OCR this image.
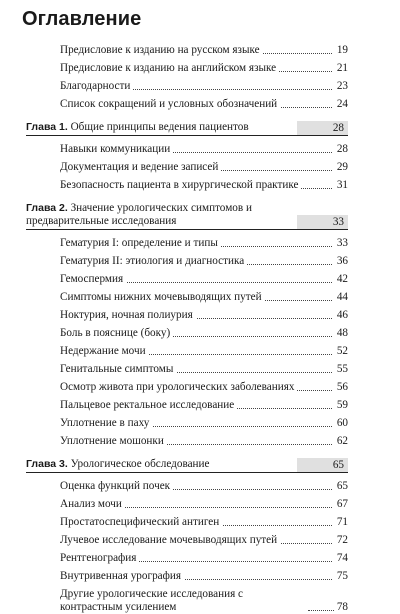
Оглавление
Предисловие к изданию на русском языке	19
Предисловие к изданию на английском языке	21
Благодарности	23
Список сокращений и условных обозначений	24
Глава 1. Общие принципы ведения пациентов	28
Навыки коммуникации	28
Документация и ведение записей	29
Безопасность пациента в хирургической практике	31
Глава 2. Значение урологических симптомов и предварительные исследования	33
Гематурия I: определение и типы	33
Гематурия II: этиология и диагностика	36
Гемоспермия	42
Симптомы нижних мочевыводящих путей	44
Ноктурия, ночная полиурия	46
Боль в пояснице (боку)	48
Недержание мочи	52
Генитальные симптомы	55
Осмотр живота при урологических заболеваниях	56
Пальцевое ректальное исследование	59
Уплотнение в паху	60
Уплотнение мошонки	62
Глава 3. Урологическое обследование	65
Оценка функций почек	65
Анализ мочи	67
Простатоспецифический антиген	71
Лучевое исследование мочевыводящих путей	72
Рентгенография	74
Внутривенная урография	75
Другие урологические исследования с контрастным усилением	78
